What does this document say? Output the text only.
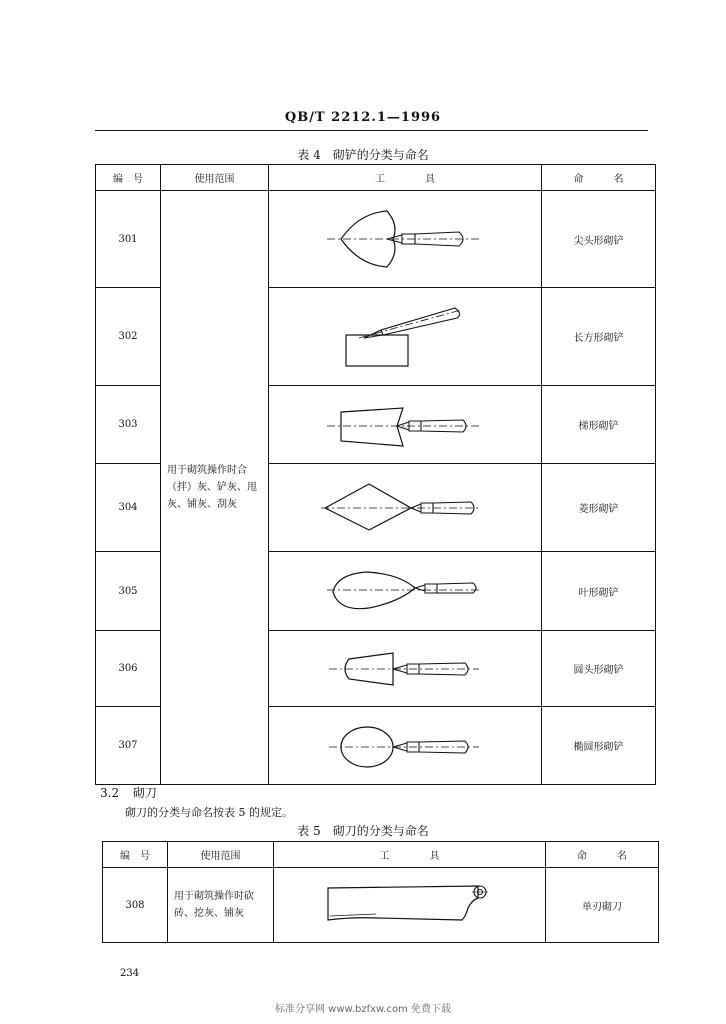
QB/T 2212.1—1996
表 4　砌铲的分类与命名
编　号	使用范围	工　　　　具	命　　　名
301	用于砌筑操作时合（拌）灰、铲灰、甩灰、铺灰、刮灰		尖头形砌铲
302			长方形砌铲
303			梯形砌铲
304			菱形砌铲
305			叶形砌铲
306			圆头形砌铲
307			椭圆形砌铲
3.2 砌刀
砌刀的分类与命名按表 5 的规定。
表 5　砌刀的分类与命名
编　号	使用范围	工　　　　具	命　　　名
308	用于砌筑操作时砍砖、挖灰、铺灰		单刃砌刀
234
标准分享网 www.bzfxw.com 免费下载
